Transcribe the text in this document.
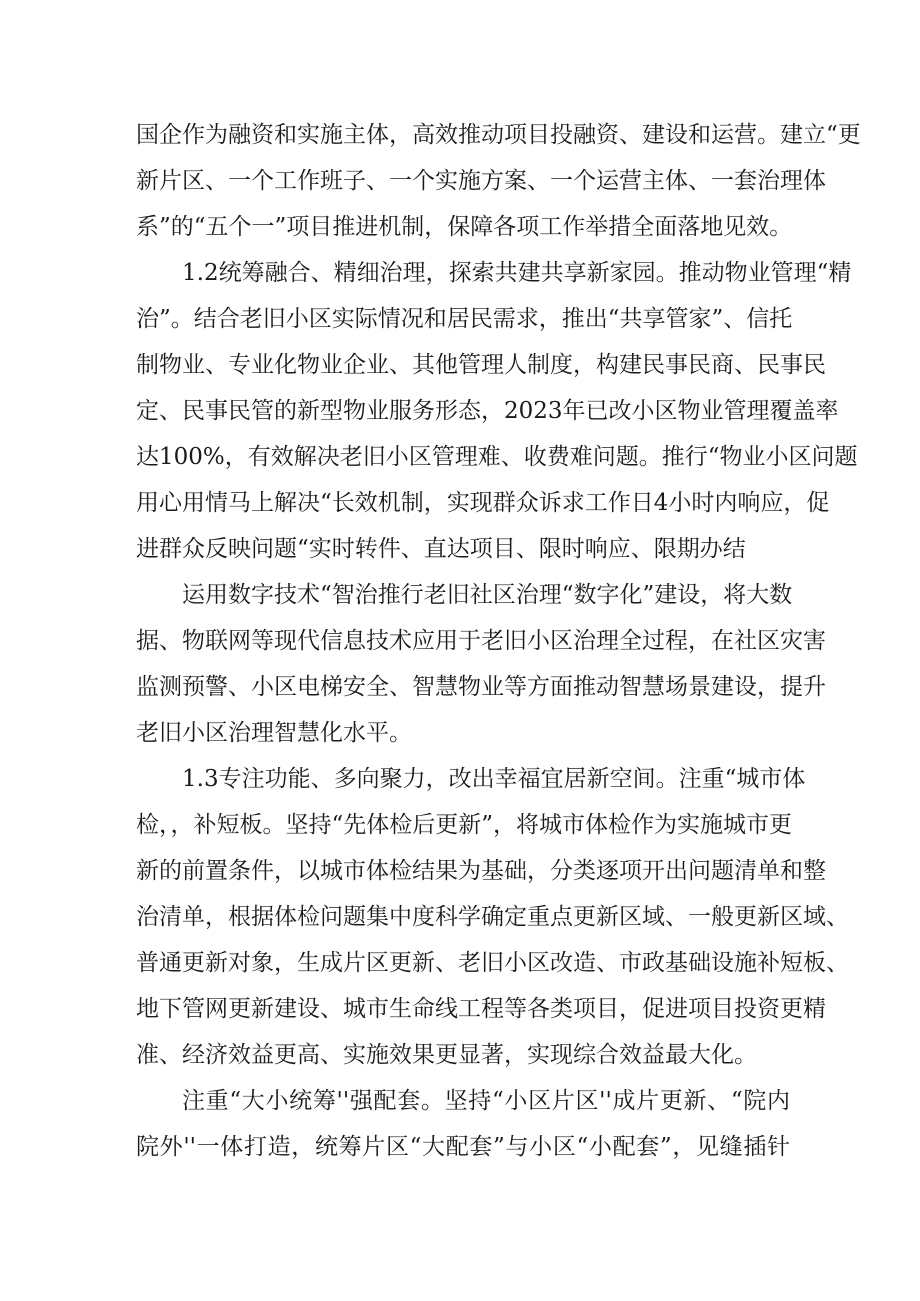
国企作为融资和实施主体，高效推动项目投融资、建设和运营。建立“更
新片区、一个工作班子、一个实施方案、一个运营主体、一套治理体
系”的“五个一”项目推进机制，保障各项工作举措全面落地见效。
1.2统筹融合、精细治理，探索共建共享新家园。推动物业管理“精
治”。结合老旧小区实际情况和居民需求，推出“共享管家”、信托
制物业、专业化物业企业、其他管理人制度，构建民事民商、民事民
定、民事民管的新型物业服务形态，2023年已改小区物业管理覆盖率
达100%，有效解决老旧小区管理难、收费难问题。推行“物业小区问题
用心用情马上解决“长效机制，实现群众诉求工作日4小时内响应，促
进群众反映问题“实时转件、直达项目、限时响应、限期办结
运用数字技术“智治推行老旧社区治理“数字化”建设，将大数
据、物联网等现代信息技术应用于老旧小区治理全过程，在社区灾害
监测预警、小区电梯安全、智慧物业等方面推动智慧场景建设，提升
老旧小区治理智慧化水平。
1.3专注功能、多向聚力，改出幸福宜居新空间。注重“城市体
检，，补短板。坚持“先体检后更新”，将城市体检作为实施城市更
新的前置条件，以城市体检结果为基础，分类逐项开出问题清单和整
治清单，根据体检问题集中度科学确定重点更新区域、一般更新区域、
普通更新对象，生成片区更新、老旧小区改造、市政基础设施补短板、
地下管网更新建设、城市生命线工程等各类项目，促进项目投资更精
准、经济效益更高、实施效果更显著，实现综合效益最大化。
注重“大小统筹''强配套。坚持“小区片区''成片更新、“院内
院外''一体打造，统筹片区“大配套”与小区“小配套”，见缝插针
